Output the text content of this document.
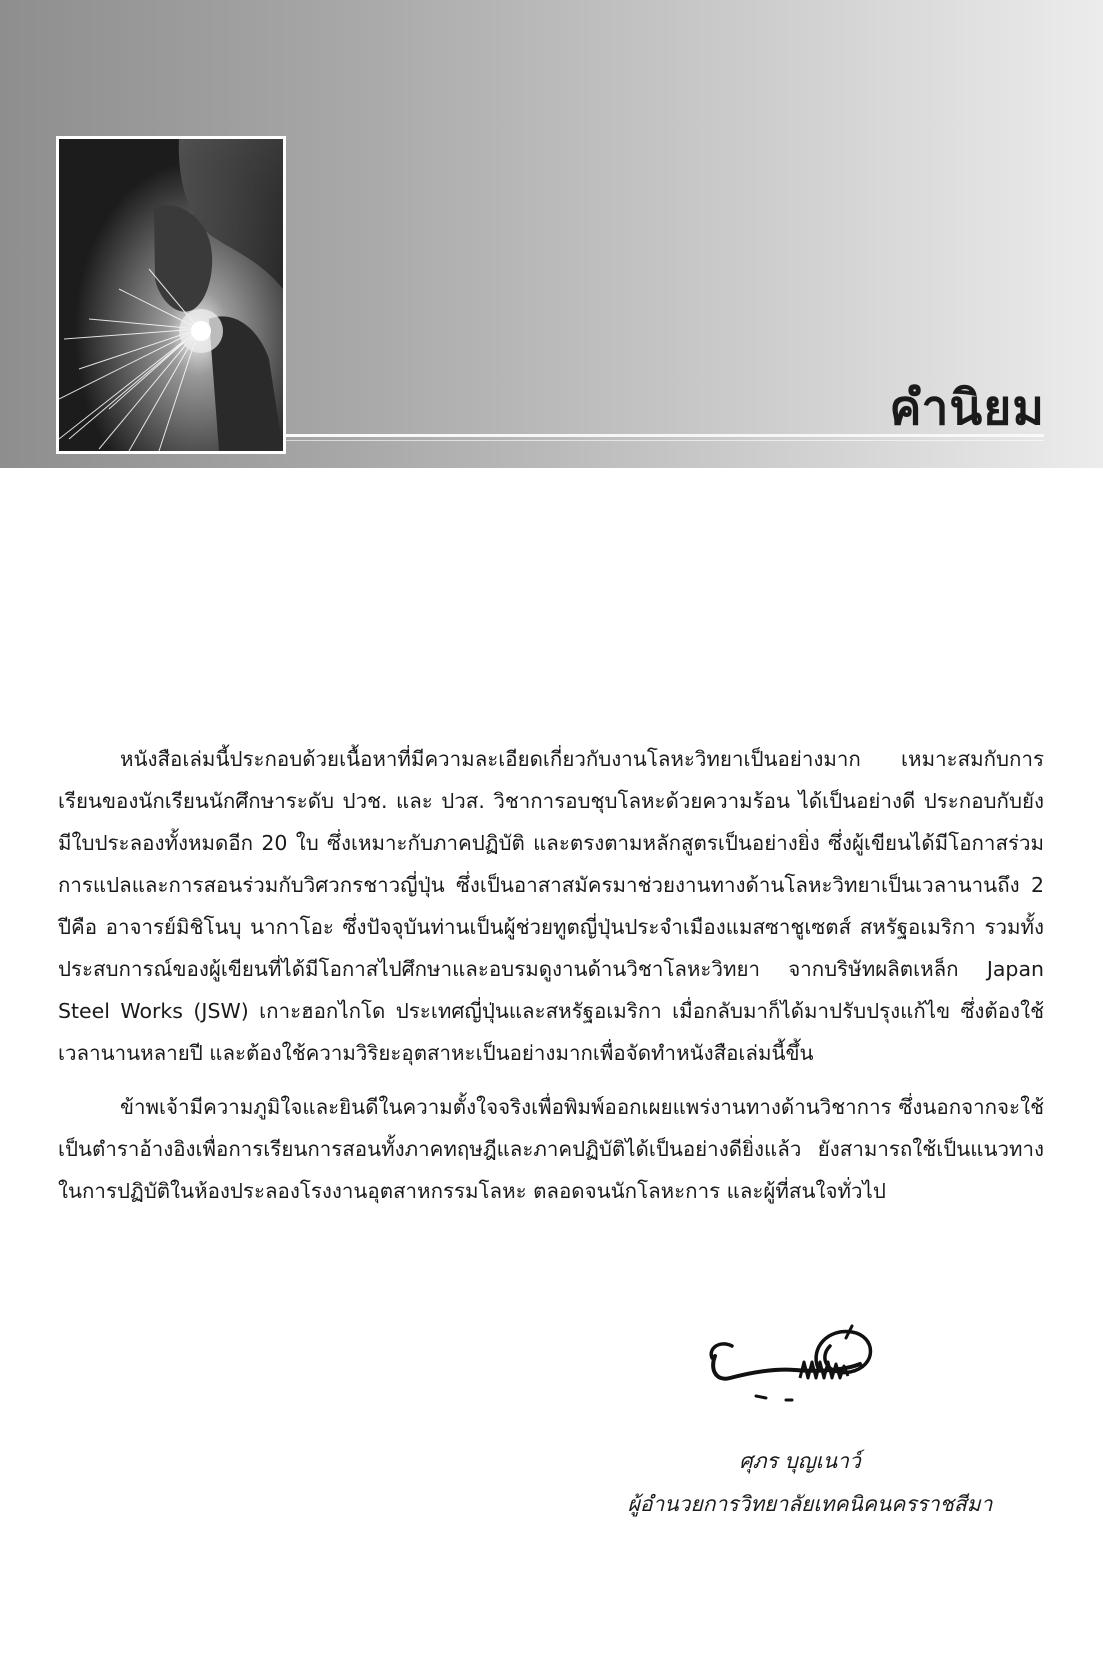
คำนิยม

หนังสือเล่มนี้ประกอบด้วยเนื้อหาที่มีความละเอียดเกี่ยวกับงานโลหะวิทยาเป็นอย่างมาก เหมาะสมกับการเรียนของนักเรียนนักศึกษาระดับ ปวช. และ ปวส. วิชาการอบชุบโลหะด้วยความร้อน ได้เป็นอย่างดี ประกอบกับยังมีใบประลองทั้งหมดอีก 20 ใบ ซึ่งเหมาะกับภาคปฏิบัติ และตรงตามหลักสูตรเป็นอย่างยิ่ง ซึ่งผู้เขียนได้มีโอกาสร่วมการแปลและการสอนร่วมกับวิศวกรชาวญี่ปุ่น ซึ่งเป็นอาสาสมัครมาช่วยงานทางด้านโลหะวิทยาเป็นเวลานานถึง 2 ปีคือ อาจารย์มิชิโนบุ นากาโอะ ซึ่งปัจจุบันท่านเป็นผู้ช่วยทูตญี่ปุ่นประจำเมืองแมสซาชูเซตส์ สหรัฐอเมริกา รวมทั้งประสบการณ์ของผู้เขียนที่ได้มีโอกาสไปศึกษาและอบรมดูงานด้านวิชาโลหะวิทยา จากบริษัทผลิตเหล็ก Japan Steel Works (JSW) เกาะฮอกไกโด ประเทศญี่ปุ่นและสหรัฐอเมริกา เมื่อกลับมาก็ได้มาปรับปรุงแก้ไข ซึ่งต้องใช้เวลานานหลายปี และต้องใช้ความวิริยะอุตสาหะเป็นอย่างมากเพื่อจัดทำหนังสือเล่มนี้ขึ้น

ข้าพเจ้ามีความภูมิใจและยินดีในความตั้งใจจริงเพื่อพิมพ์ออกเผยแพร่งานทางด้านวิชาการ ซึ่งนอกจากจะใช้เป็นตำราอ้างอิงเพื่อการเรียนการสอนทั้งภาคทฤษฎีและภาคปฏิบัติได้เป็นอย่างดียิ่งแล้ว ยังสามารถใช้เป็นแนวทางในการปฏิบัติในห้องประลองโรงงานอุตสาหกรรมโลหะ ตลอดจนนักโลหะการ และผู้ที่สนใจทั่วไป

ศุภร บุญเนาว์
ผู้อำนวยการวิทยาลัยเทคนิคนครราชสีมา
